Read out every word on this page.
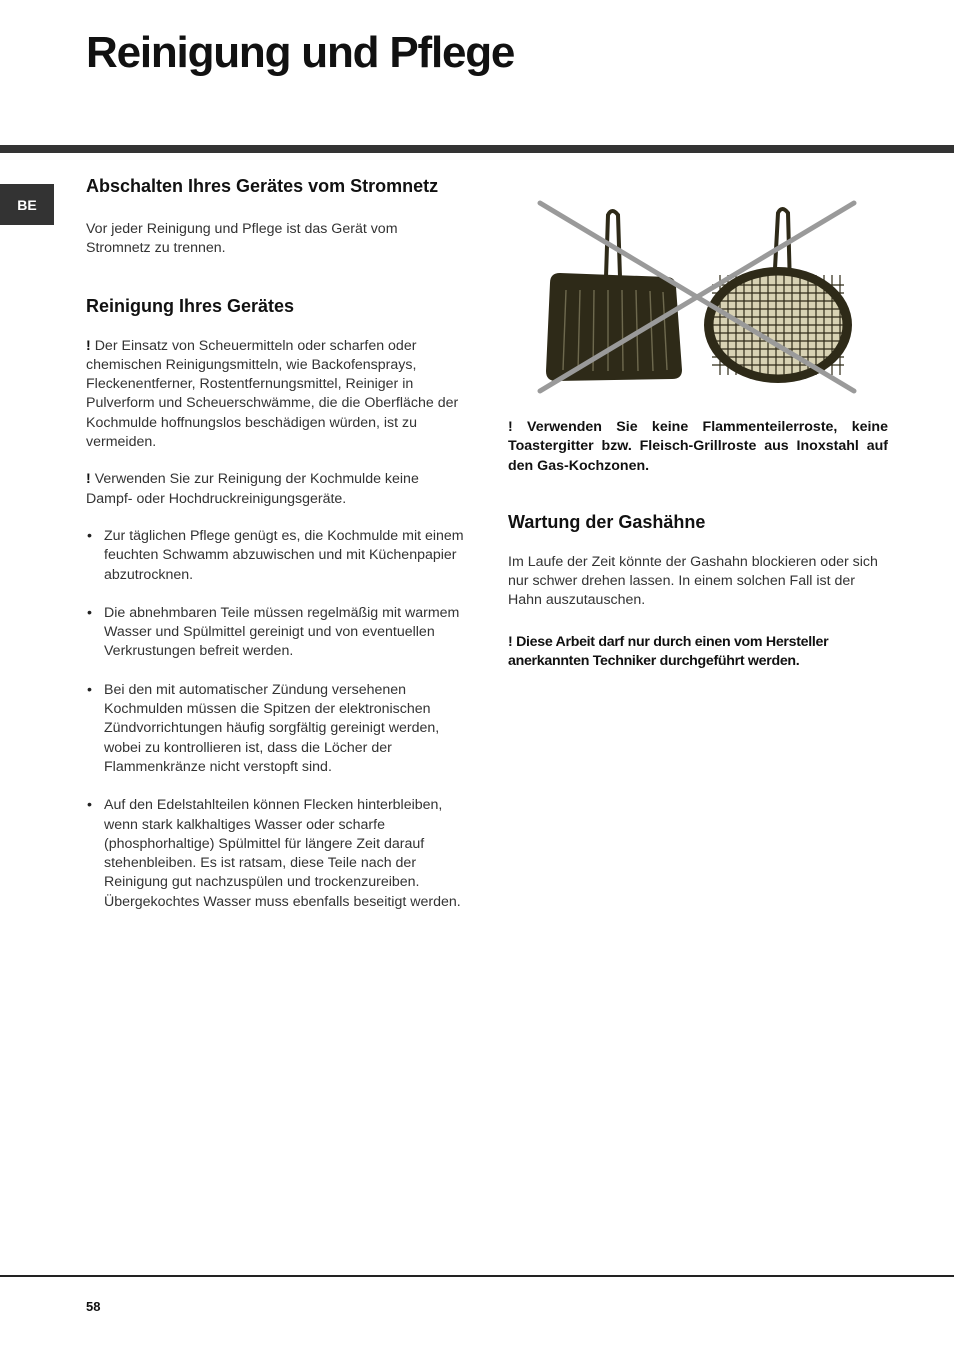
Reinigung und Pflege
BE
Abschalten Ihres Gerätes vom Stromnetz

Vor jeder Reinigung und Pflege ist das Gerät vom Stromnetz zu trennen.

Reinigung Ihres Gerätes

! Der Einsatz von Scheuermitteln oder scharfen oder chemischen Reinigungsmitteln, wie Backofensprays, Fleckenentferner, Rostentfernungsmittel, Reiniger in Pulverform und Scheuerschwämme, die die Oberfläche der Kochmulde hoffnungslos beschädigen würden, ist zu vermeiden.

! Verwenden Sie zur Reinigung der Kochmulde keine Dampf- oder Hochdruckreinigungsgeräte.

• Zur täglichen Pflege genügt es, die Kochmulde mit einem feuchten Schwamm abzuwischen und mit Küchenpapier abzutrocknen.
• Die abnehmbaren Teile müssen regelmäßig mit warmem Wasser und Spülmittel gereinigt und von eventuellen Verkrustungen befreit werden.
• Bei den mit automatischer Zündung versehenen Kochmulden müssen die Spitzen der elektronischen Zündvorrichtungen häufig sorgfältig gereinigt werden, wobei zu kontrollieren ist, dass die Löcher der Flammenkränze nicht verstopft sind.
• Auf den Edelstahlteilen können Flecken hinterbleiben, wenn stark kalkhaltiges Wasser oder scharfe (phosphorhaltige) Spülmittel für längere Zeit darauf stehenbleiben. Es ist ratsam, diese Teile nach der Reinigung gut nachzuspülen und trockenzureiben. Übergekochtes Wasser muss ebenfalls beseitigt werden.

! Verwenden Sie keine Flammenteilerroste, keine Toastergitter bzw. Fleisch-Grillroste aus Inoxstahl auf den Gas-Kochzonen.

Wartung der Gashähne

Im Laufe der Zeit könnte der Gashahn blockieren oder sich nur schwer drehen lassen. In einem solchen Fall ist der Hahn auszutauschen.

! Diese Arbeit darf nur durch einen vom Hersteller anerkannten Techniker durchgeführt werden.

58
